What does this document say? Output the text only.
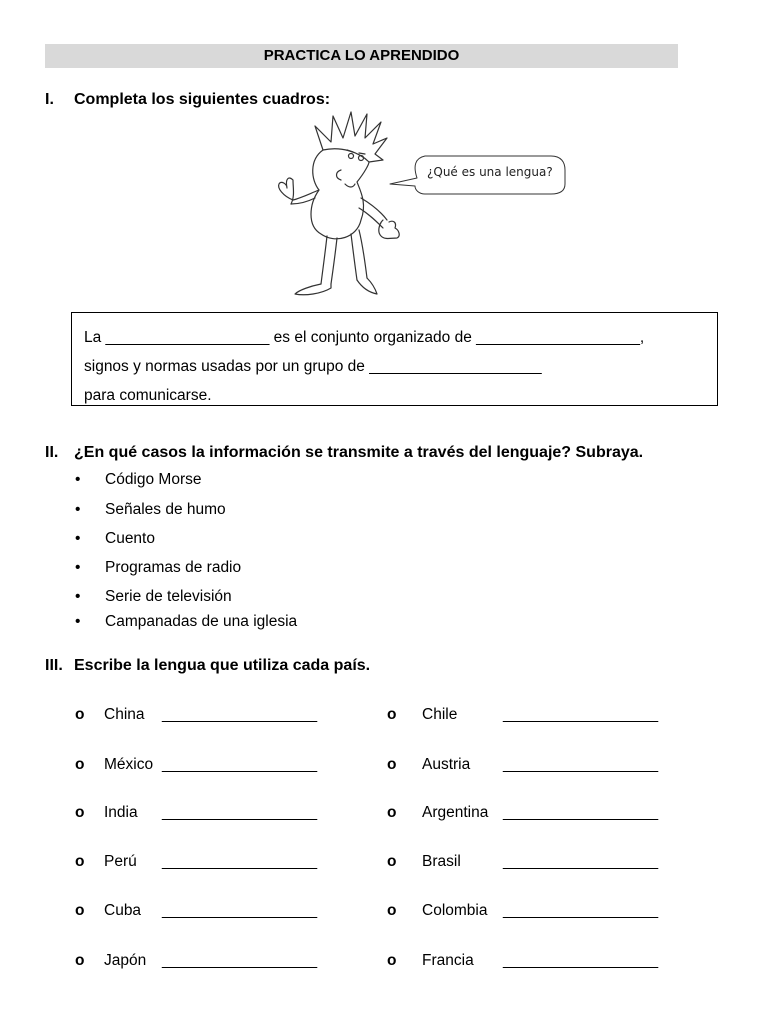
PRACTICA LO APRENDIDO
I. Completa los siguientes cuadros:
¿Qué es una lengua?
La ___________________ es el conjunto organizado de ___________________,
signos y normas usadas por un grupo de ____________________
para comunicarse.
II. ¿En qué casos la información se transmite a través del lenguaje? Subraya.
• Código Morse
• Señales de humo
• Cuento
• Programas de radio
• Serie de televisión
• Campanadas de una iglesia
III. Escribe la lengua que utiliza cada país.
o China __________________
o México __________________
o India __________________
o Perú __________________
o Cuba __________________
o Japón __________________
o Chile	__________________
o Austria __________________
o Argentina __________________
o Brasil	__________________
o Colombia __________________
o Francia __________________
